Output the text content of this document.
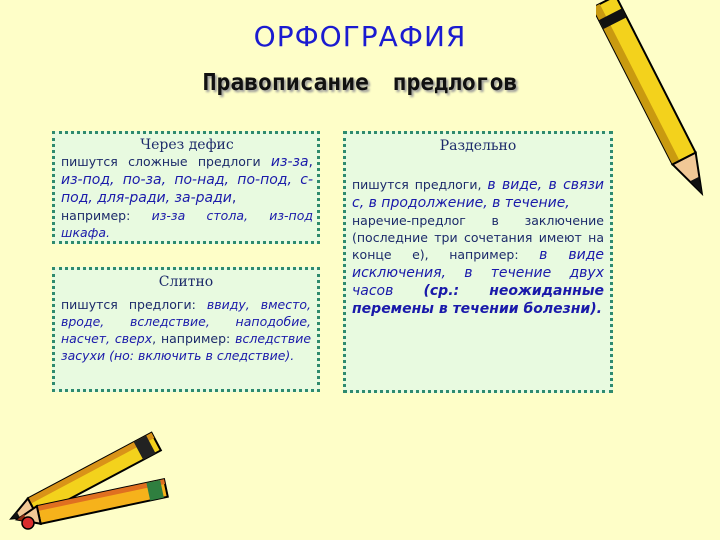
ОРФОГРАФИЯ
Правописание предлогов

Через дефис

пишутся сложные предлоги из-за, из-под, по-за, по-над, по-под, с-под, для-ради, за-ради,
например: из-за стола, из-под шкафа.

Слитно

пишутся предлоги: ввиду, вместо, вроде, вследствие, наподобие, насчет, сверх, например: вследствие засухи (но: включить в следствие).

Раздельно

пишутся предлоги, в виде, в связи с, в продолжение, в течение,
наречие-предлог в заключение (последние три сочетания имеют на конце е), например: в виде исключения, в течение двух часов (ср.: неожиданные перемены в течении болезни).
